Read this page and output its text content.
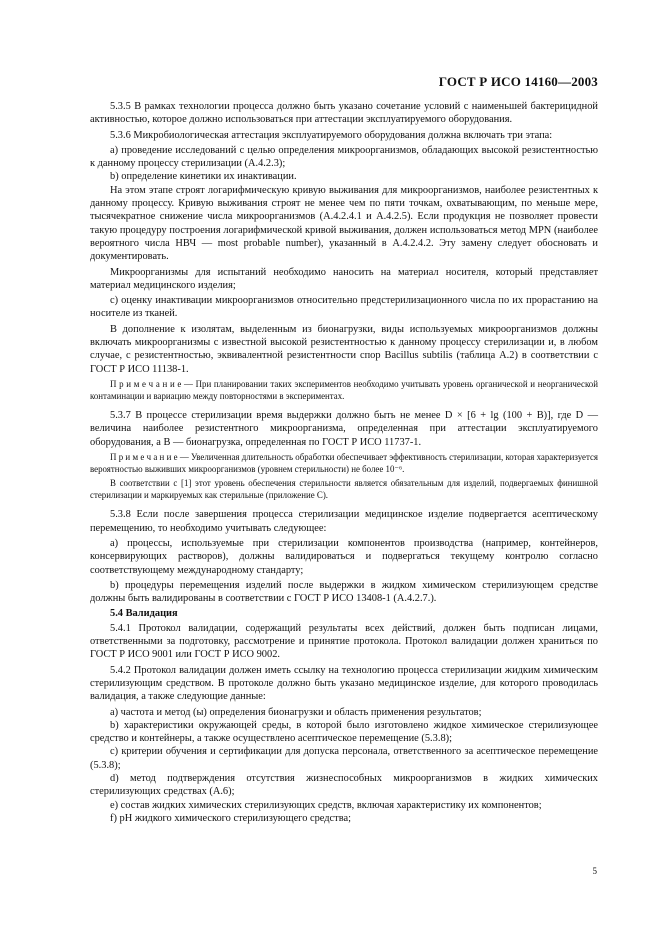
ГОСТ Р ИСО 14160—2003

5.3.5 В рамках технологии процесса должно быть указано сочетание условий с наименьшей бактерицидной активностью, которое должно использоваться при аттестации эксплуатируемого оборудования.

5.3.6 Микробиологическая аттестация эксплуатируемого оборудования должна включать три этапа:

а) проведение исследований с целью определения микроорганизмов, обладающих высокой резистентностью к данному процессу стерилизации (А.4.2.3);

b) определение кинетики их инактивации.

На этом этапе строят логарифмическую кривую выживания для микроорганизмов, наиболее резистентных к данному процессу. Кривую выживания строят не менее чем по пяти точкам, охватывающим, по меньше мере, тысячекратное снижение числа микроорганизмов (А.4.2.4.1 и А.4.2.5). Если продукция не позволяет провести такую процедуру построения логарифмической кривой выживания, должен использоваться метод MPN (наиболее вероятного числа НВЧ — most probable number), указанный в А.4.2.4.2. Эту замену следует обосновать и документировать.

Микроорганизмы для испытаний необходимо наносить на материал носителя, который представляет материал медицинского изделия;

с) оценку инактивации микроорганизмов относительно предстерилизационного числа по их прорастанию на носителе из тканей.

В дополнение к изолятам, выделенным из бионагрузки, виды используемых микроорганизмов должны включать микроорганизмы с известной высокой резистентностью к данному процессу стерилизации и, в любом случае, с резистентностью, эквивалентной резистентности спор Bacillus subtilis (таблица А.2) в соответствии с ГОСТ Р ИСО 11138-1.

П р и м е ч а н и е — При планировании таких экспериментов необходимо учитывать уровень органической и неорганической контаминации и вариацию между повторностями в экспериментах.

5.3.7 В процессе стерилизации время выдержки должно быть не менее D × [6 + lg (100 + B)], где D — величина наиболее резистентного микроорганизма, определенная при аттестации эксплуатируемого оборудования, а B — бионагрузка, определенная по ГОСТ Р ИСО 11737-1.

П р и м е ч а н и е — Увеличенная длительность обработки обеспечивает эффективность стерилизации, которая характеризуется вероятностью выживших микроорганизмов (уровнем стерильности) не более 10⁻⁶.

В соответствии с [1] этот уровень обеспечения стерильности является обязательным для изделий, подвергаемых финишной стерилизации и маркируемых как стерильные (приложение С).

5.3.8 Если после завершения процесса стерилизации медицинское изделие подвергается асептическому перемещению, то необходимо учитывать следующее:

а) процессы, используемые при стерилизации компонентов производства (например, контейнеров, консервирующих растворов), должны валидироваться и подвергаться текущему контролю согласно соответствующему международному стандарту;

b) процедуры перемещения изделий после выдержки в жидком химическом стерилизующем средстве должны быть валидированы в соответствии с ГОСТ Р ИСО 13408-1 (А.4.2.7.).

5.4 Валидация

5.4.1 Протокол валидации, содержащий результаты всех действий, должен быть подписан лицами, ответственными за подготовку, рассмотрение и принятие протокола. Протокол валидации должен храниться по ГОСТ Р ИСО 9001 или ГОСТ Р ИСО 9002.

5.4.2 Протокол валидации должен иметь ссылку на технологию процесса стерилизации жидким химическим стерилизующим средством. В протоколе должно быть указано медицинское изделие, для которого проводилась валидация, а также следующие данные:

а) частота и метод (ы) определения бионагрузки и область применения результатов;

b) характеристики окружающей среды, в которой было изготовлено жидкое химическое стерилизующее средство и контейнеры, а также осуществлено асептическое перемещение (5.3.8);

с) критерии обучения и сертификации для допуска персонала, ответственного за асептическое перемещение (5.3.8);

d) метод подтверждения отсутствия жизнеспособных микроорганизмов в жидких химических стерилизующих средствах (А.6);

е) состав жидких химических стерилизующих средств, включая характеристику их компонентов;

f) рН жидкого химического стерилизующего средства;

5
